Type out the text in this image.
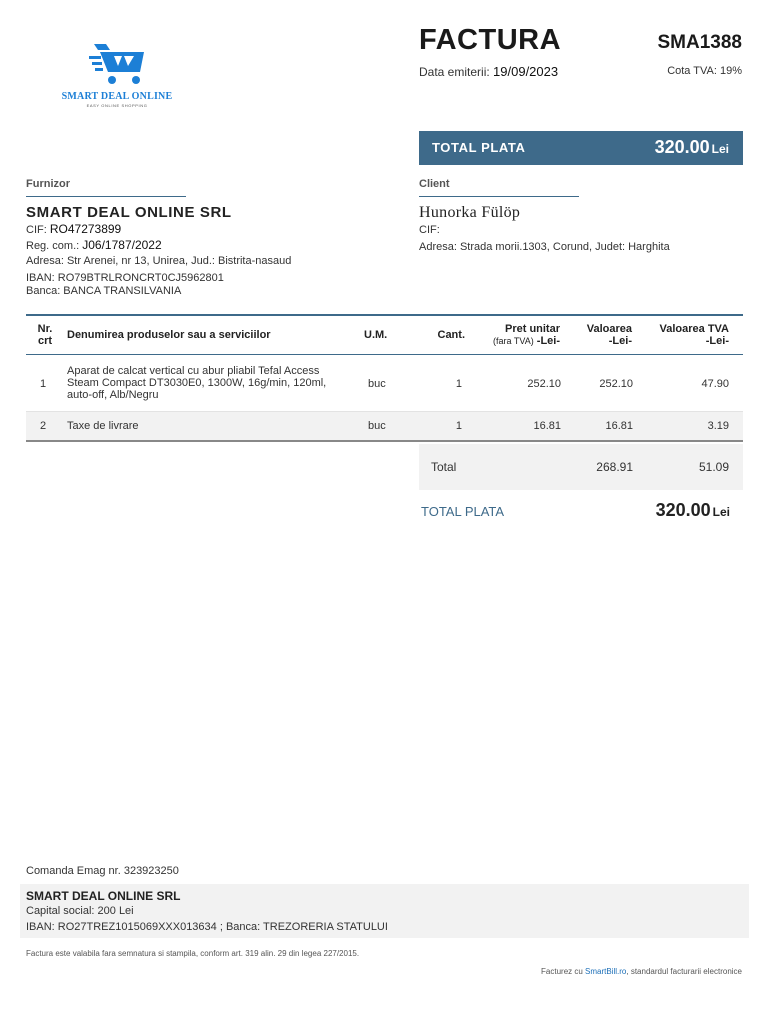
SMART DEAL ONLINE
EASY ONLINE SHOPPING
FACTURA	SMA1388
Data emiterii: 19/09/2023	Cota TVA: 19%
TOTAL PLATA	320.00 Lei
Furnizor
SMART DEAL ONLINE SRL
CIF: RO47273899
Reg. com.: J06/1787/2022
Adresa: Str Arenei, nr 13, Unirea, Jud.: Bistrita-nasaud
IBAN: RO79BTRLRONCRT0CJ5962801
Banca: BANCA TRANSILVANIA
Client
Hunorka Fülöp
CIF:
Adresa: Strada morii.1303, Corund, Judet: Harghita
Nr.
crt Denumirea produselor sau a serviciilor	U.M.	Cant.	Pret unitar
(fara TVA) -Lei-
Valoarea
-Lei-
Valoarea TVA
-Lei-
1
Aparat de calcat vertical cu abur pliabil Tefal Access Steam Compact DT3030E0, 1300W, 16g/min, 120ml, auto-off, Alb/Negru
buc	1	252.10	252.10	47.90
2 Taxe de livrare	buc	1	16.81	16.81	3.19
Total	268.91	51.09
TOTAL PLATA	320.00 Lei
Comanda Emag nr. 323923250
SMART DEAL ONLINE SRL
Capital social: 200 Lei
IBAN: RO27TREZ1015069XXX013634 ; Banca: TREZORERIA STATULUI
Factura este valabila fara semnatura si stampila, conform art. 319 alin. 29 din legea 227/2015.
Facturez cu SmartBill.ro, standardul facturarii electronice
